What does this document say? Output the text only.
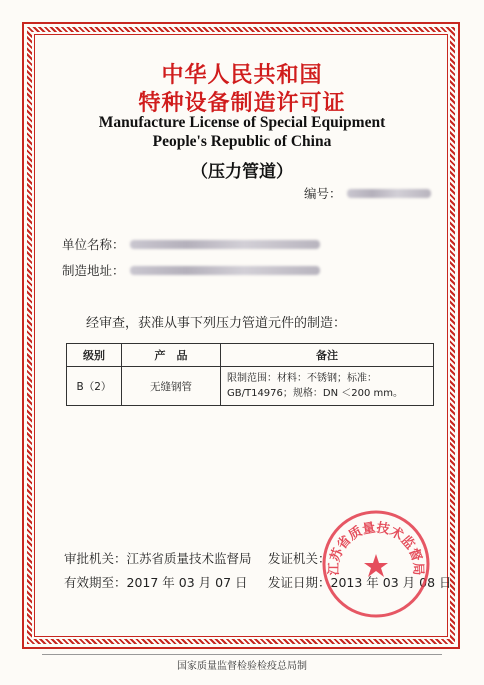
中华人民共和国
特种设备制造许可证
Manufacture License of Special Equipment
People's Republic of China
（压力管道）
编号：
单位名称：
制造地址：
经审查，获准从事下列压力管道元件的制造：
级别	产　品	备注
B（2）	无缝钢管	限制范围：材料：不锈钢；标准：GB/T14976；规格：DN ＜200 mm。
审批机关：江苏省质量技术监督局 发证机关：
有效期至：2017 年 03 月 07 日 发证日期：2013 年 03 月 08 日
江苏省质量技术监督局
国家质量监督检验检疫总局制
